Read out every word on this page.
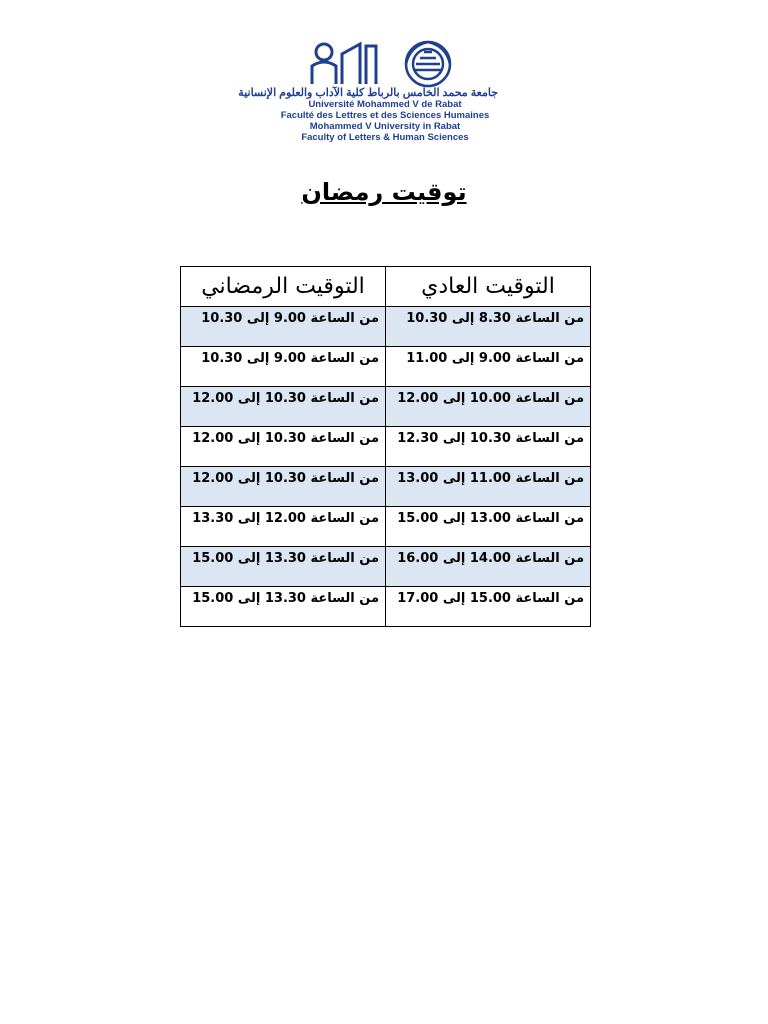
جامعة محمد الخامس بالرباط كلية الآداب والعلوم الإنسانية
Université Mohammed V de Rabat
Faculté des Lettres et des Sciences Humaines
Mohammed V University in Rabat
Faculty of Letters & Human Sciences
توقيت رمضان
التوقيت العادي	التوقيت الرمضاني
من الساعة 8.30 إلى 10.30	من الساعة 9.00 إلى 10.30
من الساعة 9.00 إلى 11.00	من الساعة 9.00 إلى 10.30
من الساعة 10.00 إلى 12.00	من الساعة 10.30 إلى 12.00
من الساعة 10.30 إلى 12.30	من الساعة 10.30 إلى 12.00
من الساعة 11.00 إلى 13.00	من الساعة 10.30 إلى 12.00
من الساعة 13.00 إلى 15.00	من الساعة 12.00 إلى 13.30
من الساعة 14.00 إلى 16.00	من الساعة 13.30 إلى 15.00
من الساعة 15.00 إلى 17.00	من الساعة 13.30 إلى 15.00
